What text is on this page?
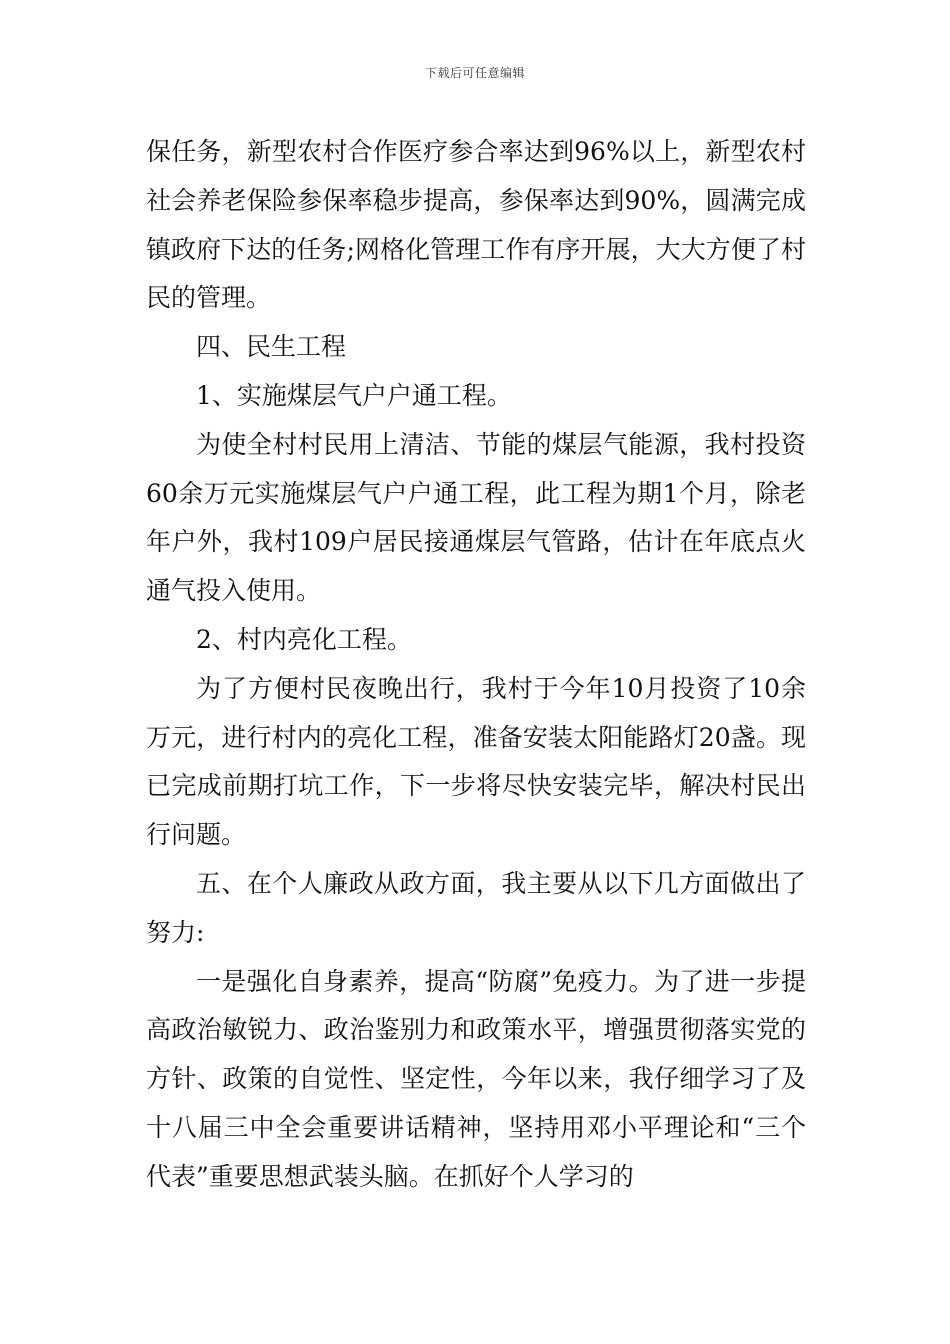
下载后可任意编辑

保任务，新型农村合作医疗参合率达到96%以上，新型农村社会养老保险参保率稳步提高，参保率达到90%，圆满完成镇政府下达的任务;网格化管理工作有序开展，大大方便了村民的管理。

四、民生工程

1、实施煤层气户户通工程。

为使全村村民用上清洁、节能的煤层气能源，我村投资60余万元实施煤层气户户通工程，此工程为期1个月，除老年户外，我村109户居民接通煤层气管路，估计在年底点火通气投入使用。

2、村内亮化工程。

为了方便村民夜晚出行，我村于今年10月投资了10余万元，进行村内的亮化工程，准备安装太阳能路灯20盏。现已完成前期打坑工作，下一步将尽快安装完毕，解决村民出行问题。

五、在个人廉政从政方面，我主要从以下几方面做出了努力:

一是强化自身素养，提高“防腐”免疫力。为了进一步提高政治敏锐力、政治鉴别力和政策水平，增强贯彻落实党的方针、政策的自觉性、坚定性，今年以来，我仔细学习了及十八届三中全会重要讲话精神，坚持用邓小平理论和“三个代表”重要思想武装头脑。在抓好个人学习的
